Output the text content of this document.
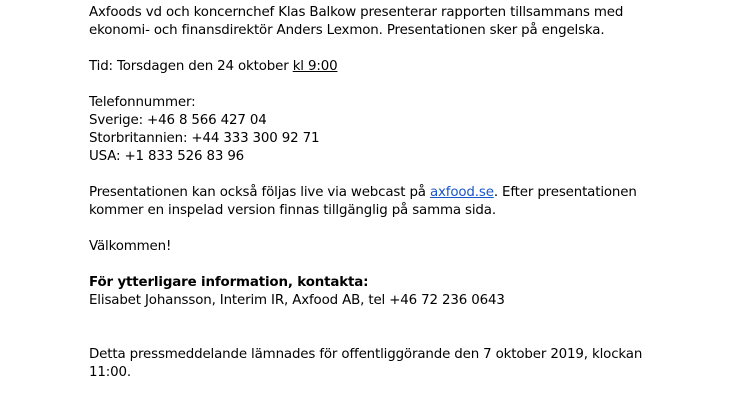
Axfoods vd och koncernchef Klas Balkow presenterar rapporten tillsammans med
ekonomi- och finansdirektör Anders Lexmon. Presentationen sker på engelska.

Tid: Torsdagen den 24 oktober kl 9:00

Telefonnummer:
Sverige: +46 8 566 427 04
Storbritannien: +44 333 300 92 71
USA: +1 833 526 83 96

Presentationen kan också följas live via webcast på axfood.se. Efter presentationen
kommer en inspelad version finnas tillgänglig på samma sida.

Välkommen!

För ytterligare information, kontakta:
Elisabet Johansson, Interim IR, Axfood AB, tel +46 72 236 0643

Detta pressmeddelande lämnades för offentliggörande den 7 oktober 2019, klockan
11:00.
